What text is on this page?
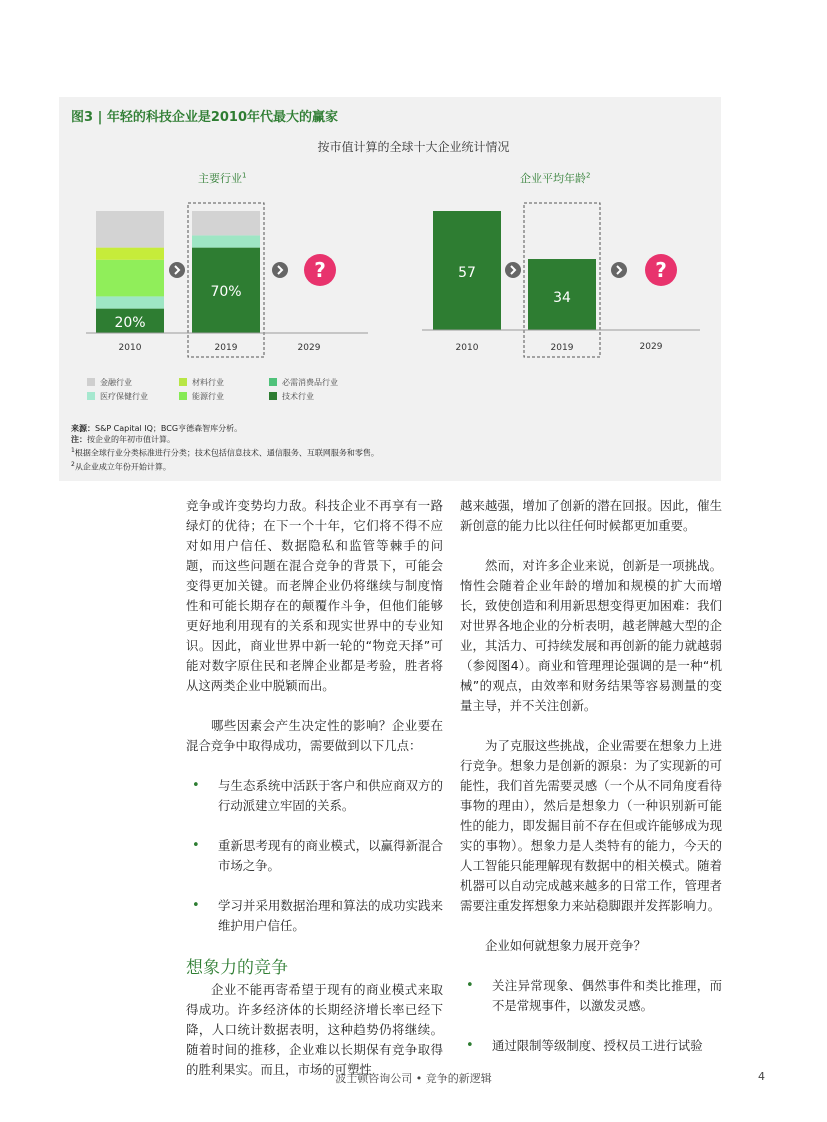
图3 | 年轻的科技企业是2010年代最大的赢家
按市值计算的全球十大企业统计情况
主要行业$^1$	企业平均年龄$^2$
20%
70%
?
2010	2019	2029
57
34
?
2010	2019	2029
金融行业	材料行业	必需消费品行业
医疗保健行业	能源行业	技术行业
来源：S&P Capital IQ；BCG亨德森智库分析。
注：按企业的年初市值计算。
$^1$根据全球行业分类标准进行分类；技术包括信息技术、通信服务、互联网服务和零售。
$^2$从企业成立年份开始计算。

竞争或许变势均力敌。科技企业不再享有一路绿灯的优待；在下一个十年，它们将不得不应对如用户信任、数据隐私和监管等棘手的问题，而这些问题在混合竞争的背景下，可能会变得更加关键。而老牌企业仍将继续与制度惰性和可能长期存在的颠覆作斗争，但他们能够更好地利用现有的关系和现实世界中的专业知识。因此，商业世界中新一轮的“物竞天择”可能对数字原住民和老牌企业都是考验，胜者将从这两类企业中脱颖而出。

哪些因素会产生决定性的影响？企业要在混合竞争中取得成功，需要做到以下几点：

• 与生态系统中活跃于客户和供应商双方的行动派建立牢固的关系。
• 重新思考现有的商业模式，以赢得新混合市场之争。
• 学习并采用数据治理和算法的成功实践来维护用户信任。
想象力的竞争

企业不能再寄希望于现有的商业模式来取得成功。许多经济体的长期经济增长率已经下降，人口统计数据表明，这种趋势仍将继续。随着时间的推移，企业难以长期保有竞争取得的胜利果实。而且，市场的可塑性

越来越强，增加了创新的潜在回报。因此，催生新创意的能力比以往任何时候都更加重要。

然而，对许多企业来说，创新是一项挑战。惰性会随着企业年龄的增加和规模的扩大而增长，致使创造和利用新思想变得更加困难：我们对世界各地企业的分析表明，越老牌越大型的企业，其活力、可持续发展和再创新的能力就越弱（参阅图4）。商业和管理理论强调的是一种“机械”的观点，由效率和财务结果等容易测量的变量主导，并不关注创新。

为了克服这些挑战，企业需要在想象力上进行竞争。想象力是创新的源泉：为了实现新的可能性，我们首先需要灵感（一个从不同角度看待事物的理由），然后是想象力（一种识别新可能性的能力，即发掘目前不存在但或许能够成为现实的事物）。想象力是人类特有的能力，今天的人工智能只能理解现有数据中的相关模式。随着机器可以自动完成越来越多的日常工作，管理者需要注重发挥想象力来站稳脚跟并发挥影响力。

企业如何就想象力展开竞争？

• 关注异常现象、偶然事件和类比推理，而不是常规事件，以激发灵感。
• 通过限制等级制度、授权员工进行试验
波士顿咨询公司 • 竞争的新逻辑	4
